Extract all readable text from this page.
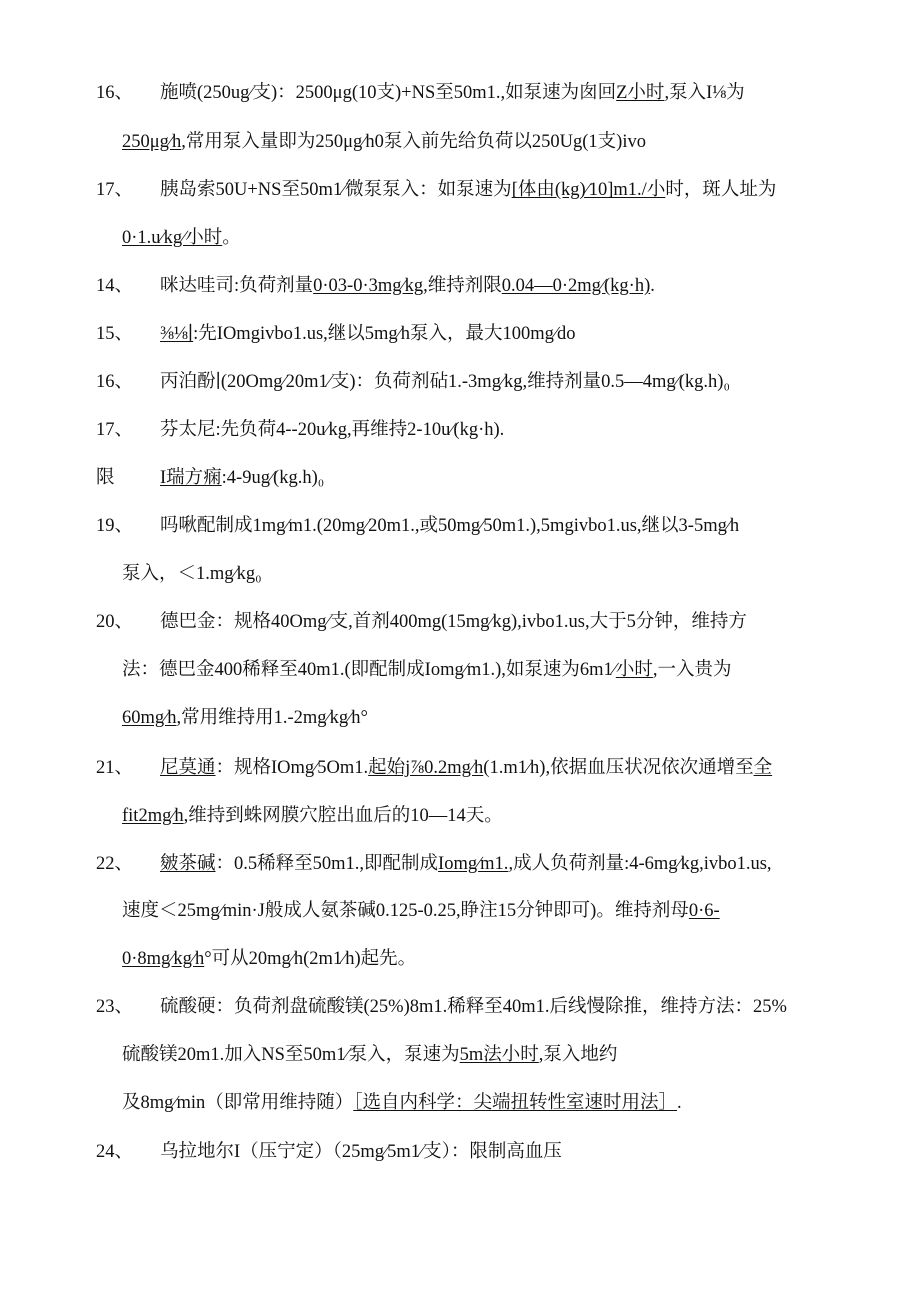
16、 施喷(250ug∕支)：2500μg(10支)+NS至50m1.,如泵速为囱回Z小时,泵入I⅛为
250μg∕h,常用泵入量即为250μg∕h0泵入前先给负荷以250Ug(1支)ivo
17、 胰岛索50U+NS至50m1∕微泵泵入：如泵速为[体由(kg)∕10]m1./小时，斑人址为
0·1.u∕kg∕小时。
14、 咪达哇司:负荷剂量0·03-0·3mg∕kg,维持剂限0.04—0·2mg∕(kg·h).
15、 ⅜⅛∣:先IOmgivbo1.us,继以5mg∕h泵入，最大100mg∕do
16、 丙泊酚∣(20Omg∕20m1∕支)：负荷剂砧1.-3mg∕kg,维持剂量0.5—4mg∕(kg.h)₀
17、 芬太尼:先负荷4--20u∕kg,再维持2-10u∕(kg·h).
限 I瑞方痫:4-9ug∕(kg.h)₀
19、 吗啾配制成1mg∕m1.(20mg∕20m1.,或50mg∕50m1.),5mgivbo1.us,继以3-5mg∕h
泵入，＜1.mg∕kg₀
20、 德巴金：规格40Omg∕支,首剂400mg(15mg∕kg),ivbo1.us,大于5分钟，维持方
法：德巴金400稀释至40m1.(即配制成Iomg∕m1.),如泵速为6m1∕小时,一入贵为
60mg∕h,常用维持用1.-2mg∕kg∕h°
21、 尼莫通：规格IOmg∕5Om1.起始j⅞0.2mg∕h(1.m1∕h),依据血压状况依次通增至全
fit2mg∕h,维持到蛛网膜穴腔出血后的10—14天。
22、 皴茶碱：0.5稀释至50m1.,即配制成Iomg∕m1.,成人负荷剂量:4-6mg∕kg,ivbo1.us,
速度＜25mg∕min·J般成人氨茶碱0.125-0.25,睁注15分钟即可)。维持剂母0·6-
0·8mg∕kg∕h°可从20mg∕h(2m1∕h)起先。
23、 硫酸硬：负荷剂盘硫酸镁(25%)8m1.稀释至40m1.后线慢除推，维持方法：25%
硫酸镁20m1.加入NS至50m1∕泵入，泵速为5m法小时,泵入地约
及8mg∕min（即常用维持随）［选自内科学：尖端扭转性室速时用法］.
24、 乌拉地尔I（压宁定）（25mg∕5m1∕支）：限制高血压
